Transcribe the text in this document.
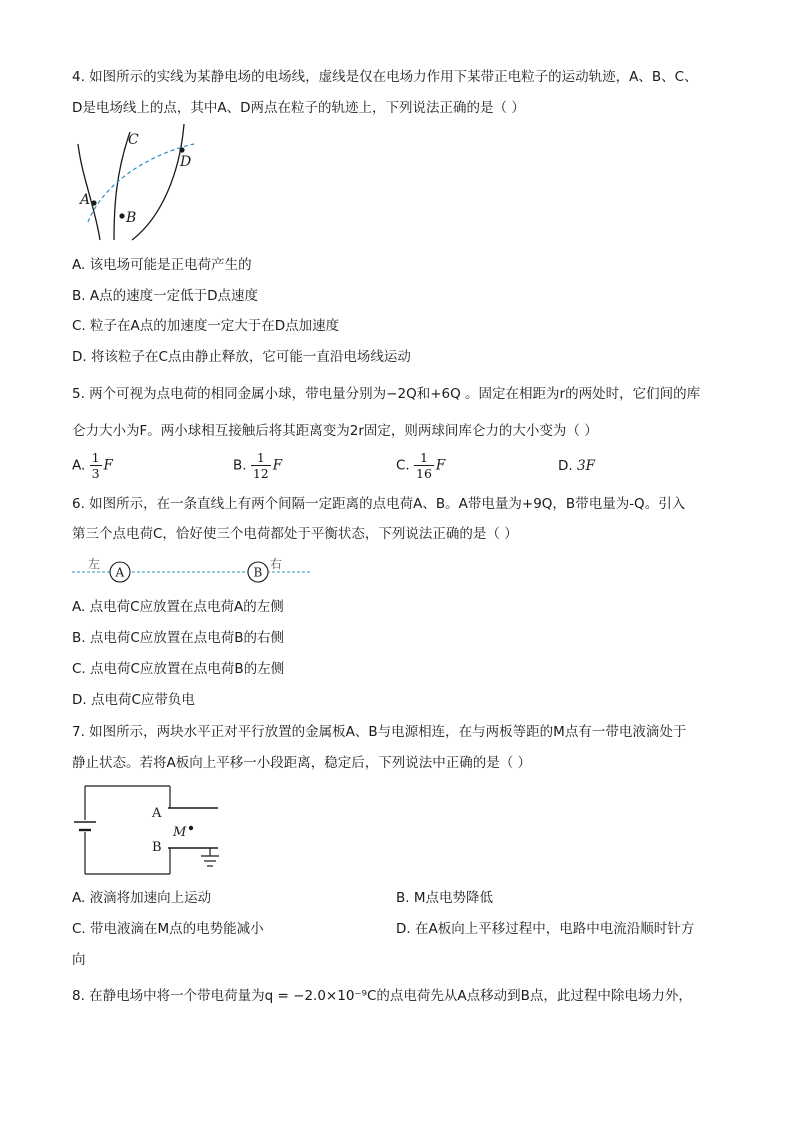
4. 如图所示的实线为某静电场的电场线，虚线是仅在电场力作用下某带正电粒子的运动轨迹，A、B、C、
D是电场线上的点，其中A、D两点在粒子的轨迹上，下列说法正确的是（ ）
A
B
C
D
A. 该电场可能是正电荷产生的
B. A点的速度一定低于D点速度
C. 粒子在A点的加速度一定大于在D点加速度
D. 将该粒子在C点由静止释放，它可能一直沿电场线运动
5. 两个可视为点电荷的相同金属小球，带电量分别为−2Q和+6Q 。固定在相距为r的两处时，它们间的库
仑力大小为F。两小球相互接触后将其距离变为2r固定，则两球间库仑力的大小变为（ ）
A. $\frac{1}{3}$ F	B. $\frac{1}{12}$ F	C. $\frac{1}{16}$ F	D. 3F
6. 如图所示，在一条直线上有两个间隔一定距离的点电荷A、B。A带电量为+9Q，B带电量为-Q。引入
第三个点电荷C，恰好使三个电荷都处于平衡状态，下列说法正确的是（ ）
左
A	B
右
A. 点电荷C应放置在点电荷A的左侧
B. 点电荷C应放置在点电荷B的右侧
C. 点电荷C应放置在点电荷B的左侧
D. 点电荷C应带负电
7. 如图所示，两块水平正对平行放置的金属板A、B与电源相连，在与两板等距的M点有一带电液滴处于
静止状态。若将A板向上平移一小段距离，稳定后，下列说法中正确的是（ ）
A
M
B
A. 液滴将加速向上运动	B. M点电势降低
C. 带电液滴在M点的电势能减小	D. 在A板向上平移过程中，电路中电流沿顺时针方
向
8. 在静电场中将一个带电荷量为q = −2.0×10⁻⁹C的点电荷先从A点移动到B点，此过程中除电场力外，
